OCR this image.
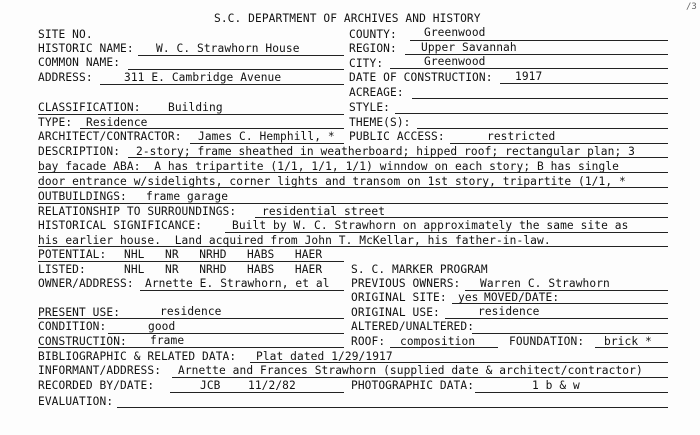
/3
S.C. DEPARTMENT OF ARCHIVES AND HISTORY
SITE NO.	COUNTY: Greenwood
HISTORIC NAME: W. C. Strawhorn House	REGION: Upper Savannah
COMMON NAME:	CITY:	Greenwood
ADDRESS:	311 E. Cambridge Avenue	DATE OF CONSTRUCTION: 1917
ACREAGE:
CLASSIFICATION: Building	STYLE:
TYPE: Residence	THEME(S):
ARCHITECT/CONTRACTOR: James C. Hemphill, * PUBLIC ACCESS:	restricted
DESCRIPTION: 2-story; frame sheathed in weatherboard; hipped roof; rectangular plan; 3
bay facade ABA:  A has tripartite (1/1, 1/1, 1/1) winndow on each story; B has single
door entrance w/sidelights, corner lights and transom on 1st story, tripartite (1/1, *
OUTBUILDINGS: frame garage
RELATIONSHIP TO SURROUNDINGS: residential street
HISTORICAL SIGNIFICANCE:	Built by W. C. Strawhorn on approximately the same site as
his earlier house.  Land acquired from John T. McKellar, his father-in-law.
POTENTIAL: NHL   NR   NRHD   HABS   HAER
LISTED:	NHL   NR   NRHD   HABS   HAER	S. C. MARKER PROGRAM
OWNER/ADDRESS: Arnette E. Strawhorn, et al PREVIOUS OWNERS: Warren C. Strawhorn
ORIGINAL SITE: yes MOVED/DATE:
PRESENT USE:	residence	ORIGINAL USE:	residence
CONDITION:	good	ALTERED/UNALTERED:
CONSTRUCTION: frame	ROOF: composition	FOUNDATION: brick *
BIBLIOGRAPHIC & RELATED DATA: Plat dated 1/29/1917
INFORMANT/ADDRESS: Arnette and Frances Strawhorn (supplied date & architect/contractor)
RECORDED BY/DATE:	JCB 11/2/82	PHOTOGRAPHIC DATA:	1 b & w
EVALUATION:
